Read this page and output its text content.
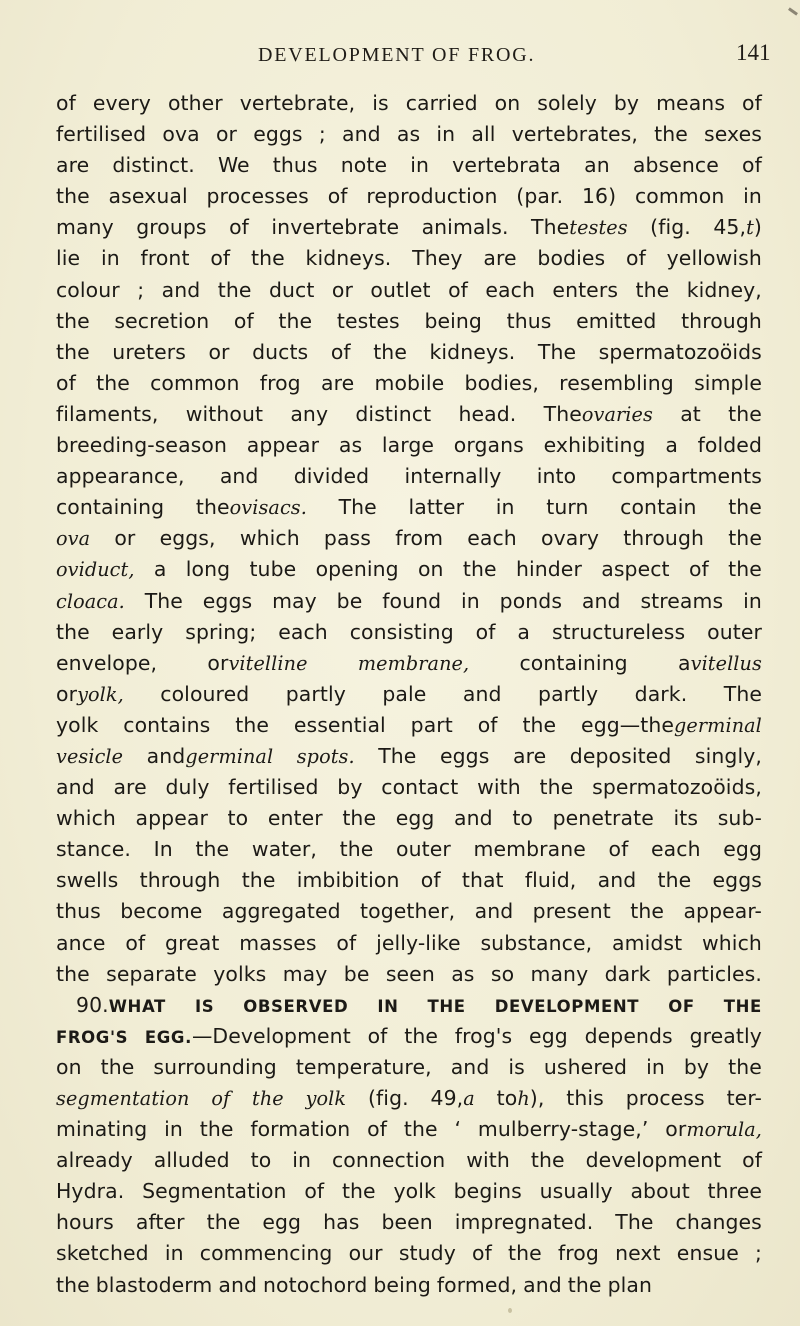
DEVELOPMENT OF FROG.	141
of every other vertebrate, is carried on solely by means of
fertilised ova or eggs ; and as in all vertebrates, the sexes
are distinct. We thus note in vertebrata an absence of
the asexual processes of reproduction (par. 16) common in
many groups of invertebrate animals. Thetestes (fig. 45,t)
lie in front of the kidneys. They are bodies of yellowish
colour ; and the duct or outlet of each enters the kidney,
the secretion of the testes being thus emitted through
the ureters or ducts of the kidneys. The spermatozoöids
of the common frog are mobile bodies, resembling simple
filaments, without any distinct head. Theovaries at the
breeding-season appear as large organs exhibiting a folded
appearance, and divided internally into compartments
containing theovisacs. The latter in turn contain the
ova or eggs, which pass from each ovary through the
oviduct, a long tube opening on the hinder aspect of the
cloaca. The eggs may be found in ponds and streams in
the early spring; each consisting of a structureless outer
envelope, orvitelline	membrane, containing avitellus
oryolk, coloured partly pale and partly dark. The
yolk contains the essential part of the egg—thegerminal
vesicle andgerminal spots. The eggs are deposited singly,
and are duly fertilised by contact with the spermatozoöids,
which appear to enter the egg and to penetrate its sub-
stance. In the water, the outer membrane of each egg
swells through the imbibition of that fluid, and the eggs
thus become aggregated together, and present the appear-
ance of great masses of jelly-like substance, amidst which
the separate yolks may be seen as so many dark particles.
90.WHAT IS OBSERVED IN THE DEVELOPMENT OF THE
FROG'S EGG.—Development of the frog's egg depends greatly
on the surrounding temperature, and is ushered in by the
segmentation of the yolk (fig. 49,a toh), this process ter-
minating in the formation of the ‘ mulberry-stage,’ ormorula,
already alluded to in connection with the development of
Hydra. Segmentation of the yolk begins usually about three
hours after the egg has been impregnated. The changes
sketched in commencing our study of the frog next ensue ;
the blastoderm and notochord being formed, and the plan
